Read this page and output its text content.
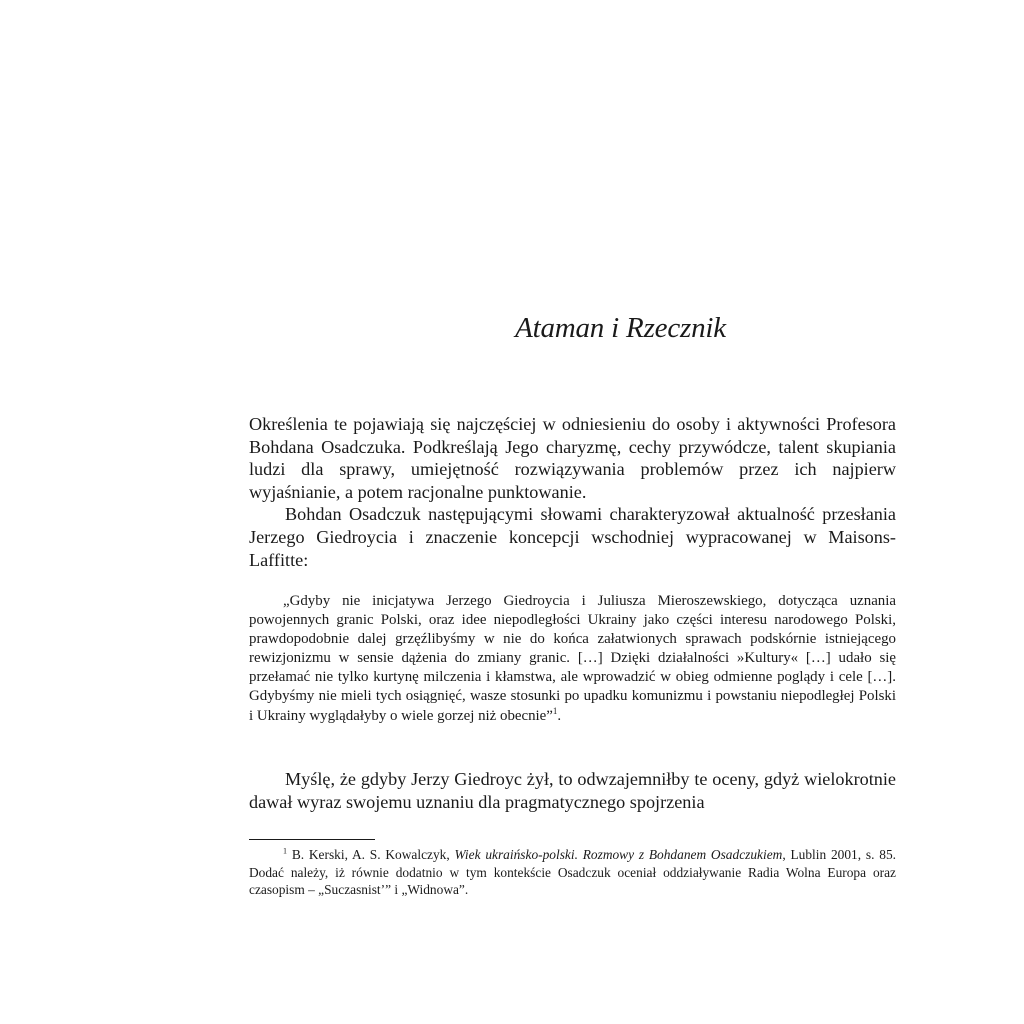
Ataman i Rzecznik

Określenia te pojawiają się najczęściej w odniesieniu do osoby i aktywności Profesora Bohdana Osadczuka. Podkreślają Jego charyzmę, cechy przywódcze, talent skupiania ludzi dla sprawy, umiejętność rozwiązywania problemów przez ich najpierw wyjaśnianie, a potem racjonalne punktowanie.

Bohdan Osadczuk następującymi słowami charakteryzował aktualność przesłania Jerzego Giedroycia i znaczenie koncepcji wschodniej wypracowanej w Maisons-Laffitte:

„Gdyby nie inicjatywa Jerzego Giedroycia i Juliusza Mieroszewskiego, dotycząca uznania powojennych granic Polski, oraz idee niepodległości Ukrainy jako części interesu narodowego Polski, prawdopodobnie dalej grzęźlibyśmy w nie do końca załatwionych sprawach podskórnie istniejącego rewizjonizmu w sensie dążenia do zmiany granic. […] Dzięki działalności »Kultury« […] udało się przełamać nie tylko kurtynę milczenia i kłamstwa, ale wprowadzić w obieg odmienne poglądy i cele […]. Gdybyśmy nie mieli tych osiągnięć, wasze stosunki po upadku komunizmu i powstaniu niepodległej Polski i Ukrainy wyglądałyby o wiele gorzej niż obecnie”$^1$.

Myślę, że gdyby Jerzy Giedroyc żył, to odwzajemniłby te oceny, gdyż wielokrotnie dawał wyraz swojemu uznaniu dla pragmatycznego spojrzenia

$^1$ B. Kerski, A. S. Kowalczyk, Wiek ukraińsko-polski. Rozmowy z Bohdanem Osadczukiem, Lublin 2001, s. 85. Dodać należy, iż równie dodatnio w tym kontekście Osadczuk oceniał oddziaływanie Radia Wolna Europa oraz czasopism – „Suczasnist’” i „Widnowa”.
